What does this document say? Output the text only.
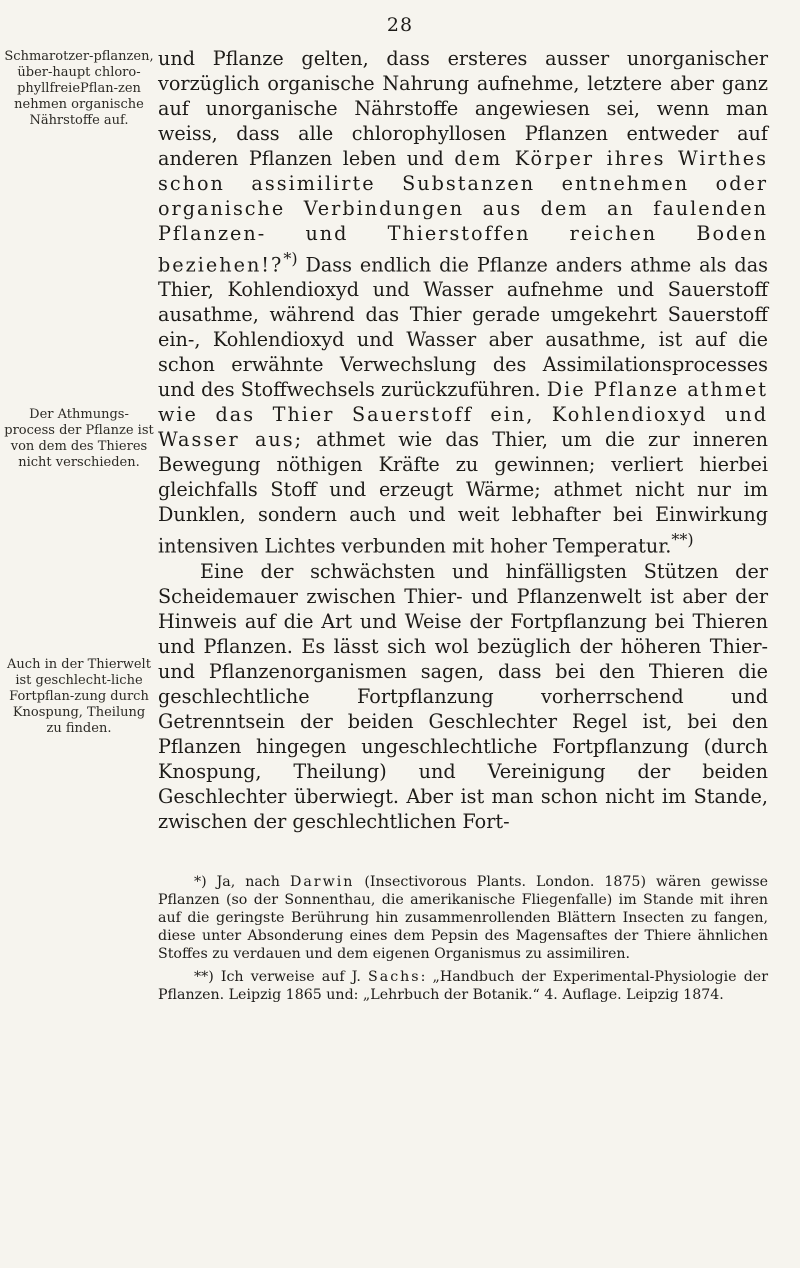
28
Schmarotzer-pflanzen, über-haupt chloro-phyllfreiePflan-zen nehmen organische Nährstoffe auf.
Der Athmungs-process der Pflanze ist von dem des Thieres nicht verschieden.
Auch in der Thierwelt ist geschlecht-liche Fortpflan-zung durch Knospung, Theilung zu finden.

und Pflanze gelten, dass ersteres ausser unorganischer vorzüglich organische Nahrung aufnehme, letztere aber ganz auf unorganische Nährstoffe angewiesen sei, wenn man weiss, dass alle chlorophyllosen Pflanzen entweder auf anderen Pflanzen leben und dem Körper ihres Wirthes schon assimilirte Substanzen entnehmen oder organische Verbindungen aus dem an faulenden Pflanzen- und Thierstoffen reichen Boden beziehen!?*) Dass endlich die Pflanze anders athme als das Thier, Kohlendioxyd und Wasser aufnehme und Sauerstoff ausathme, während das Thier gerade umgekehrt Sauerstoff ein-, Kohlendioxyd und Wasser aber ausathme, ist auf die schon erwähnte Verwechslung des Assimilationsprocesses und des Stoffwechsels zurückzuführen. Die Pflanze athmet wie das Thier Sauerstoff ein, Kohlendioxyd und Wasser aus; athmet wie das Thier, um die zur inneren Bewegung nöthigen Kräfte zu gewinnen; verliert hierbei gleichfalls Stoff und erzeugt Wärme; athmet nicht nur im Dunklen, sondern auch und weit lebhafter bei Einwirkung intensiven Lichtes verbunden mit hoher Temperatur.**)

Eine der schwächsten und hinfälligsten Stützen der Scheidemauer zwischen Thier- und Pflanzenwelt ist aber der Hinweis auf die Art und Weise der Fortpflanzung bei Thieren und Pflanzen. Es lässt sich wol bezüglich der höheren Thier- und Pflanzenorganismen sagen, dass bei den Thieren die geschlechtliche Fortpflanzung vorherrschend und Getrenntsein der beiden Geschlechter Regel ist, bei den Pflanzen hingegen ungeschlechtliche Fortpflanzung (durch Knospung, Theilung) und Vereinigung der beiden Geschlechter überwiegt. Aber ist man schon nicht im Stande, zwischen der geschlechtlichen Fort-

*) Ja, nach Darwin (Insectivorous Plants. London. 1875) wären gewisse Pflanzen (so der Sonnenthau, die amerikanische Fliegenfalle) im Stande mit ihren auf die geringste Berührung hin zusammenrollenden Blättern Insecten zu fangen, diese unter Absonderung eines dem Pepsin des Magensaftes der Thiere ähnlichen Stoffes zu verdauen und dem eigenen Organismus zu assimiliren.

**) Ich verweise auf J. Sachs: „Handbuch der Experimental-Physiologie der Pflanzen. Leipzig 1865 und: „Lehrbuch der Botanik.“ 4. Auflage. Leipzig 1874.
